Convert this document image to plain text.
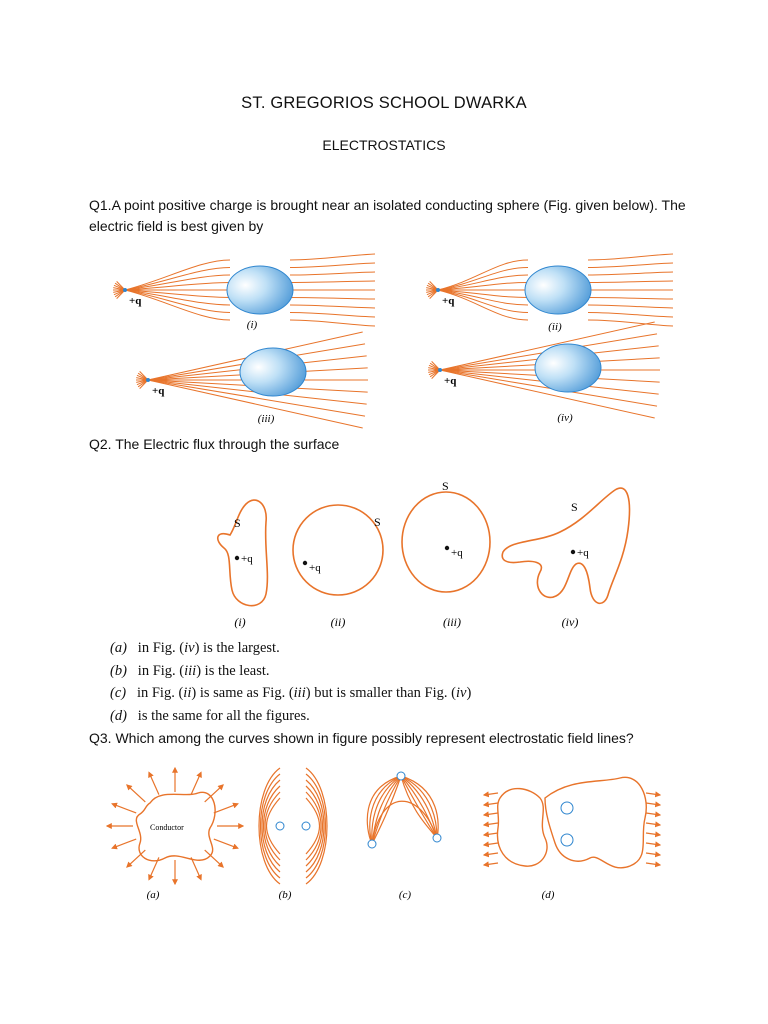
ST. GREGORIOS SCHOOL DWARKA
ELECTROSTATICS
Q1.A point positive charge is brought near an isolated conducting sphere (Fig. given below). The electric field is best given by
+q	+q
+q
+q
(i)	(ii)
(iii)	(iv)
Q2. The Electric flux through the surface
S	S
S
S
+q
+q
+q	+q
(i)	(ii)	(iii)	(iv)
(a) in Fig. (iv) is the largest.
(b) in Fig. (iii) is the least.
(c) in Fig. (ii) is same as Fig. (iii) but is smaller than Fig. (iv)
(d) is the same for all the figures.
Q3. Which among the curves shown in figure possibly represent electrostatic field lines?
Conductor
(a)	(b)	(c)	(d)
